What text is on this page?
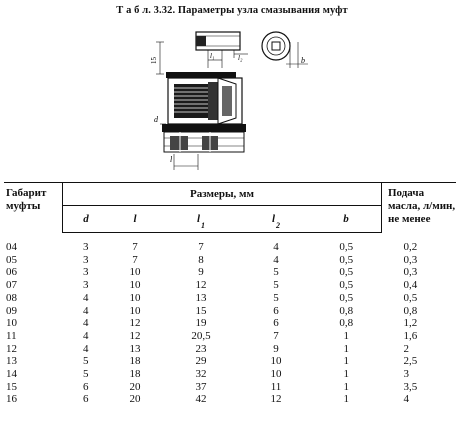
Т а б л. 3.32. Параметры узла смазывания муфт
l₁	l₂
15
d
l
b
Габарит муфты	Размеры, мм					Подача масла, л/мин, не менее
	d	l	$l_1$	$l_2$	b	
04	3	7	7	4	0,5	0,2
05	3	7	8	4	0,5	0,3
06	3	10	9	5	0,5	0,3
07	3	10	12	5	0,5	0,4
08	4	10	13	5	0,5	0,5
09	4	10	15	6	0,8	0,8
10	4	12	19	6	0,8	1,2
11	4	12	20,5	7	1	1,6
12	4	13	23	9	1	2
13	5	18	29	10	1	2,5
14	5	18	32	10	1	3
15	6	20	37	11	1	3,5
16	6	20	42	12	1	4
